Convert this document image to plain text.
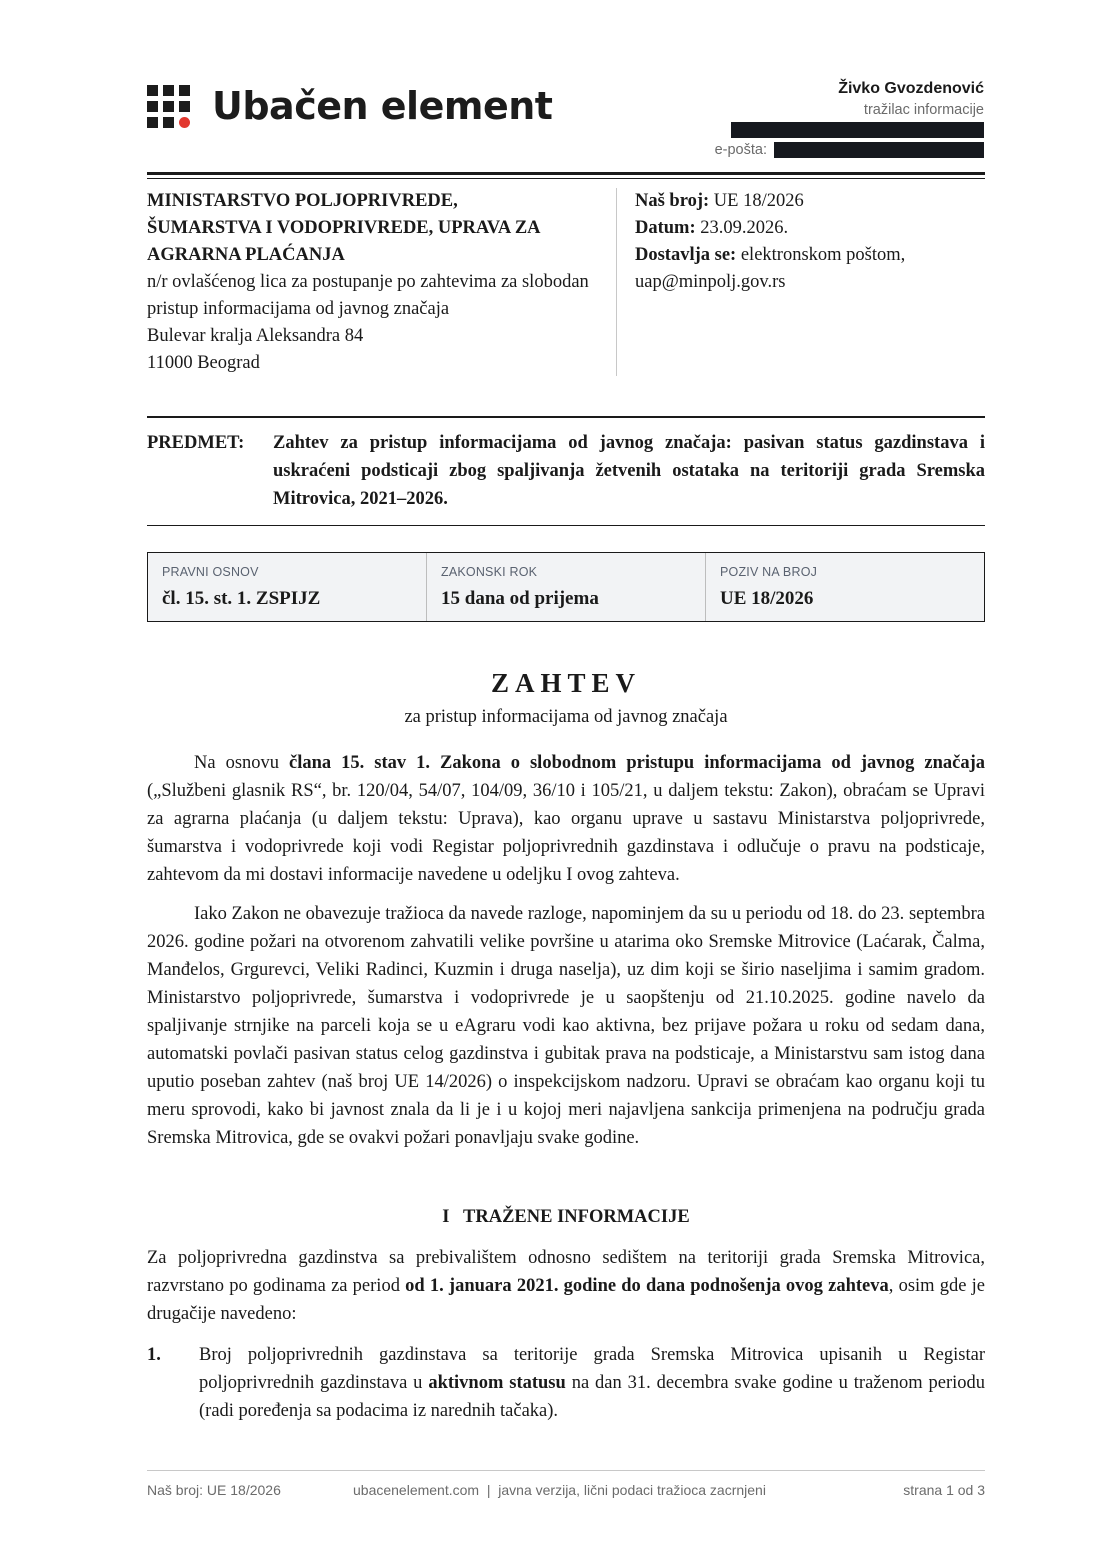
Ubačen element	Živko Gvozdenović
tražilac informacije
e-pošta:
MINISTARSTVO POLJOPRIVREDE,
ŠUMARSTVA I VODOPRIVREDE, UPRAVA ZA
AGRARNA PLAĆANJA
n/r ovlašćenog lica za postupanje po zahtevima za slobodan pristup informacijama od javnog značaja
Bulevar kralja Aleksandra 84
11000 Beograd
Naš broj: UE 18/2026
Datum: 23.09.2026.
Dostavlja se: elektronskom poštom,
uap@minpolj.gov.rs
PREDMET: Zahtev za pristup informacijama od javnog značaja: pasivan status gazdinstava i uskraćeni podsticaji zbog spaljivanja žetvenih ostataka na teritoriji grada Sremska Mitrovica, 2021–2026.
PRAVNI OSNOV
čl. 15. st. 1. ZSPIJZ
ZAKONSKI ROK
15 dana od prijema
POZIV NA BROJ
UE 18/2026
ZAHTEV
za pristup informacijama od javnog značaja

Na osnovu člana 15. stav 1. Zakona o slobodnom pristupu informacijama od javnog značaja („Službeni glasnik RS“, br. 120/04, 54/07, 104/09, 36/10 i 105/21, u daljem tekstu: Zakon), obraćam se Upravi za agrarna plaćanja (u daljem tekstu: Uprava), kao organu uprave u sastavu Ministarstva poljoprivrede, šumarstva i vodoprivrede koji vodi Registar poljoprivrednih gazdinstava i odlučuje o pravu na podsticaje, zahtevom da mi dostavi informacije navedene u odeljku I ovog zahteva.

Iako Zakon ne obavezuje tražioca da navede razloge, napominjem da su u periodu od 18. do 23. septembra 2026. godine požari na otvorenom zahvatili velike površine u atarima oko Sremske Mitrovice (Laćarak, Čalma, Manđelos, Grgurevci, Veliki Radinci, Kuzmin i druga naselja), uz dim koji se širio naseljima i samim gradom. Ministarstvo poljoprivrede, šumarstva i vodoprivrede je u saopštenju od 21.10.2025. godine navelo da spaljivanje strnjike na parceli koja se u eAgraru vodi kao aktivna, bez prijave požara u roku od sedam dana, automatski povlači pasivan status celog gazdinstva i gubitak prava na podsticaje, a Ministarstvu sam istog dana uputio poseban zahtev (naš broj UE 14/2026) o inspekcijskom nadzoru. Upravi se obraćam kao organu koji tu meru sprovodi, kako bi javnost znala da li je i u kojoj meri najavljena sankcija primenjena na području grada Sremska Mitrovica, gde se ovakvi požari ponavljaju svake godine.

I   TRAŽENE INFORMACIJE
Za poljoprivredna gazdinstva sa prebivalištem odnosno sedištem na teritoriji grada Sremska Mitrovica, razvrstano po godinama za period od 1. januara 2021. godine do dana podnošenja ovog zahteva, osim gde je drugačije navedeno:
1. Broj poljoprivrednih gazdinstava sa teritorije grada Sremska Mitrovica upisanih u Registar poljoprivrednih gazdinstava u aktivnom statusu na dan 31. decembra svake godine u traženom periodu (radi poređenja sa podacima iz narednih tačaka).
Naš broj: UE 18/2026	ubacenelement.com  |  javna verzija, lični podaci tražioca zacrnjeni	strana 1 od 3
